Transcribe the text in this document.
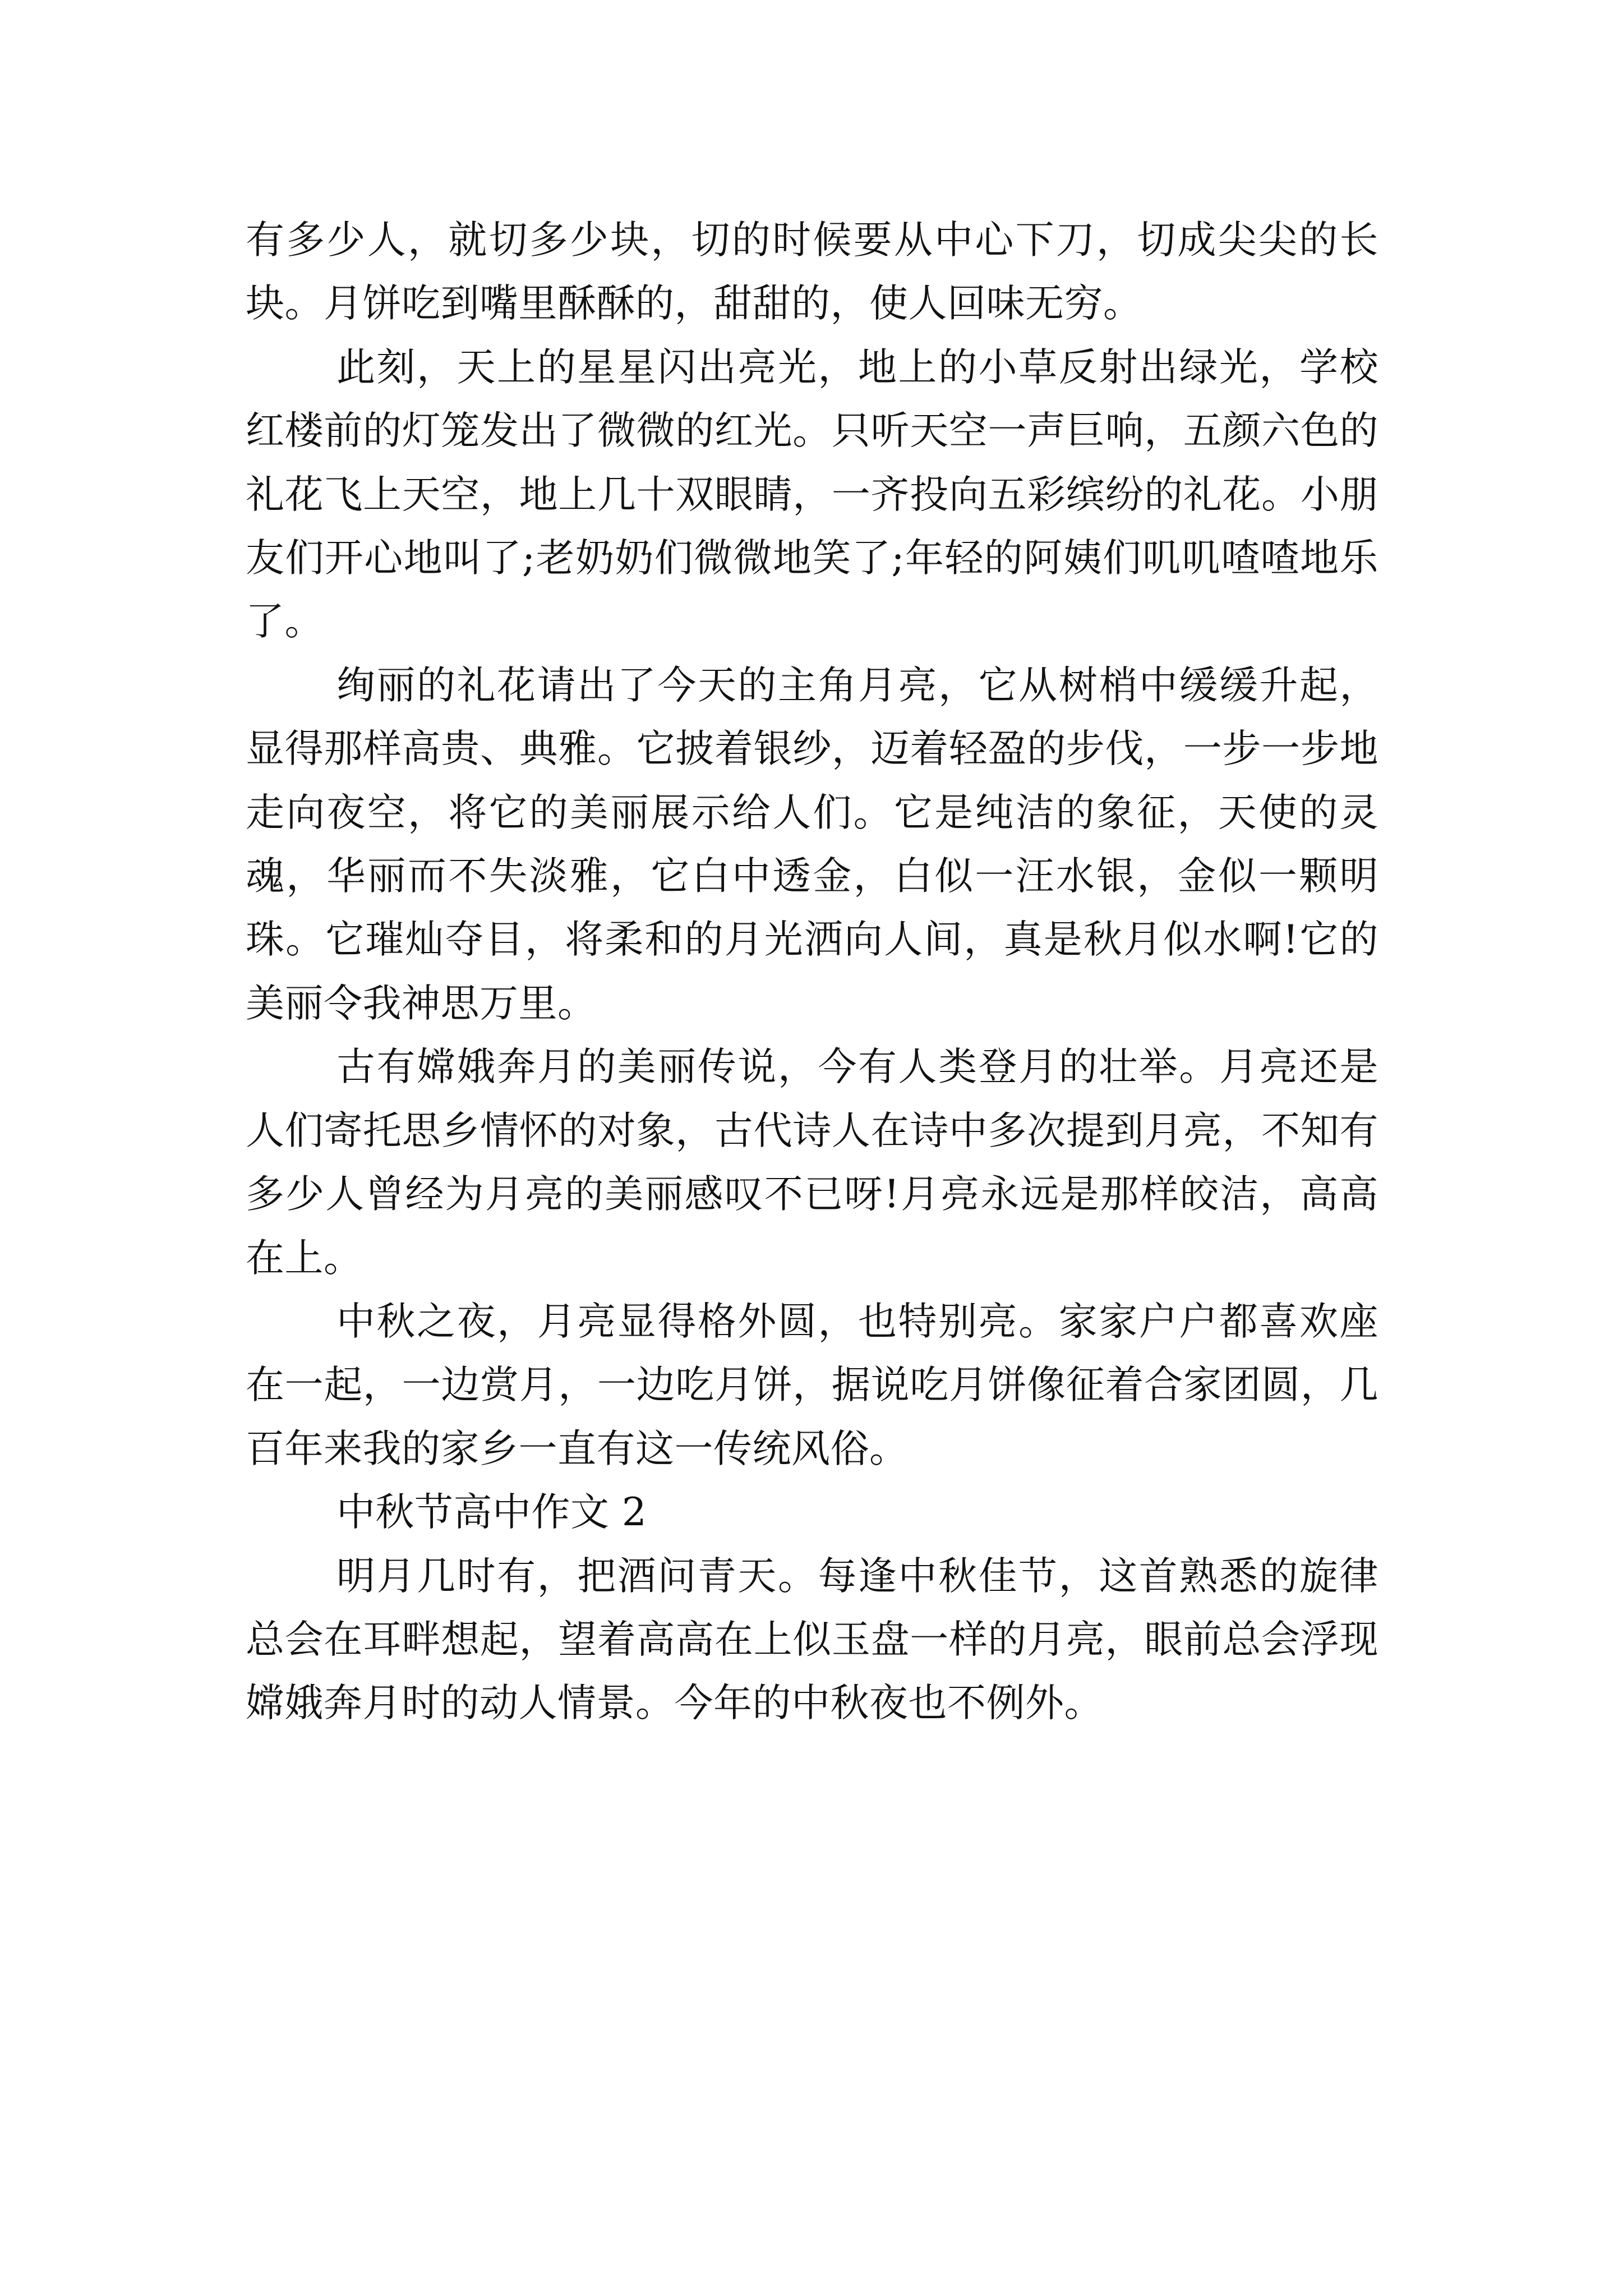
有多少人，就切多少块，切的时候要从中心下刀，切成尖尖的长块。月饼吃到嘴里酥酥的，甜甜的，使人回味无穷。

此刻，天上的星星闪出亮光，地上的小草反射出绿光，学校红楼前的灯笼发出了微微的红光。只听天空一声巨响，五颜六色的礼花飞上天空，地上几十双眼睛，一齐投向五彩缤纷的礼花。小朋友们开心地叫了;老奶奶们微微地笑了;年轻的阿姨们叽叽喳喳地乐了。

绚丽的礼花请出了今天的主角月亮，它从树梢中缓缓升起，显得那样高贵、典雅。它披着银纱，迈着轻盈的步伐，一步一步地走向夜空，将它的美丽展示给人们。它是纯洁的象征，天使的灵魂，华丽而不失淡雅，它白中透金，白似一汪水银，金似一颗明珠。它璀灿夺目，将柔和的月光洒向人间，真是秋月似水啊!它的美丽令我神思万里。

古有嫦娥奔月的美丽传说，今有人类登月的壮举。月亮还是人们寄托思乡情怀的对象，古代诗人在诗中多次提到月亮，不知有多少人曾经为月亮的美丽感叹不已呀!月亮永远是那样皎洁，高高在上。

中秋之夜，月亮显得格外圆，也特别亮。家家户户都喜欢座在一起，一边赏月，一边吃月饼，据说吃月饼像征着合家团圆，几百年来我的家乡一直有这一传统风俗。

中秋节高中作文 2

明月几时有，把酒问青天。每逢中秋佳节，这首熟悉的旋律总会在耳畔想起，望着高高在上似玉盘一样的月亮，眼前总会浮现嫦娥奔月时的动人情景。今年的中秋夜也不例外。
